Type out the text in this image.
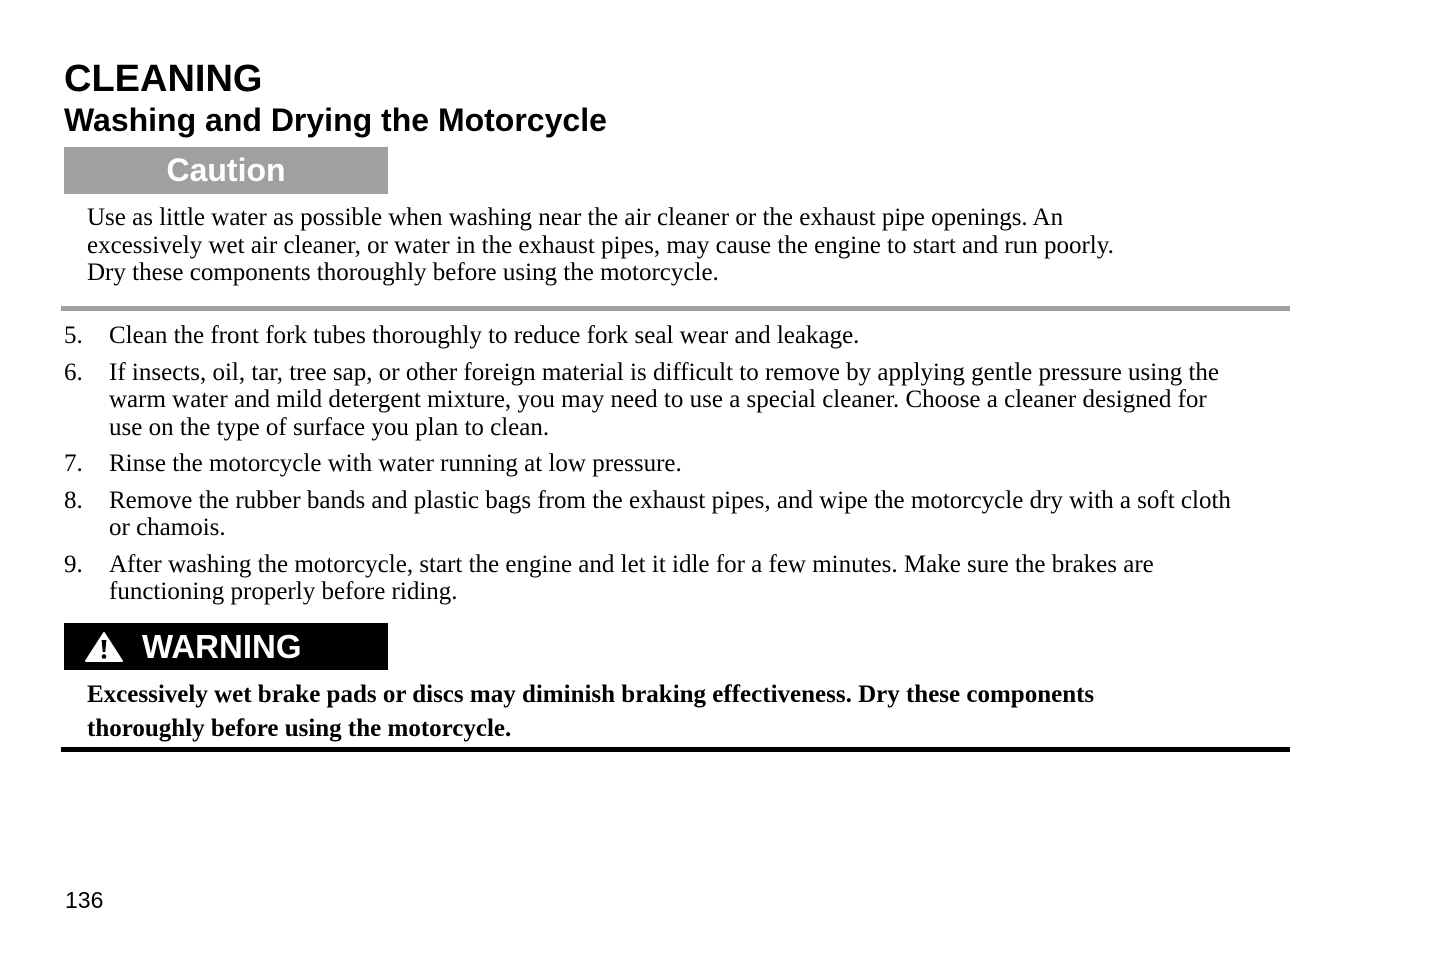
CLEANING
Washing and Drying the Motorcycle
Caution

Use as little water as possible when washing near the air cleaner or the exhaust pipe openings. An
excessively wet air cleaner, or water in the exhaust pipes, may cause the engine to start and run poorly.
Dry these components thoroughly before using the motorcycle.

5. Clean the front fork tubes thoroughly to reduce fork seal wear and leakage.
6. If insects, oil, tar, tree sap, or other foreign material is difficult to remove by applying gentle pressure using the
warm water and mild detergent mixture, you may need to use a special cleaner. Choose a cleaner designed for
use on the type of surface you plan to clean.
7. Rinse the motorcycle with water running at low pressure.
8. Remove the rubber bands and plastic bags from the exhaust pipes, and wipe the motorcycle dry with a soft cloth
or chamois.
9. After washing the motorcycle, start the engine and let it idle for a few minutes. Make sure the brakes are
functioning properly before riding.
WARNING

Excessively wet brake pads or discs may diminish braking effectiveness. Dry these components
thoroughly before using the motorcycle.

136
